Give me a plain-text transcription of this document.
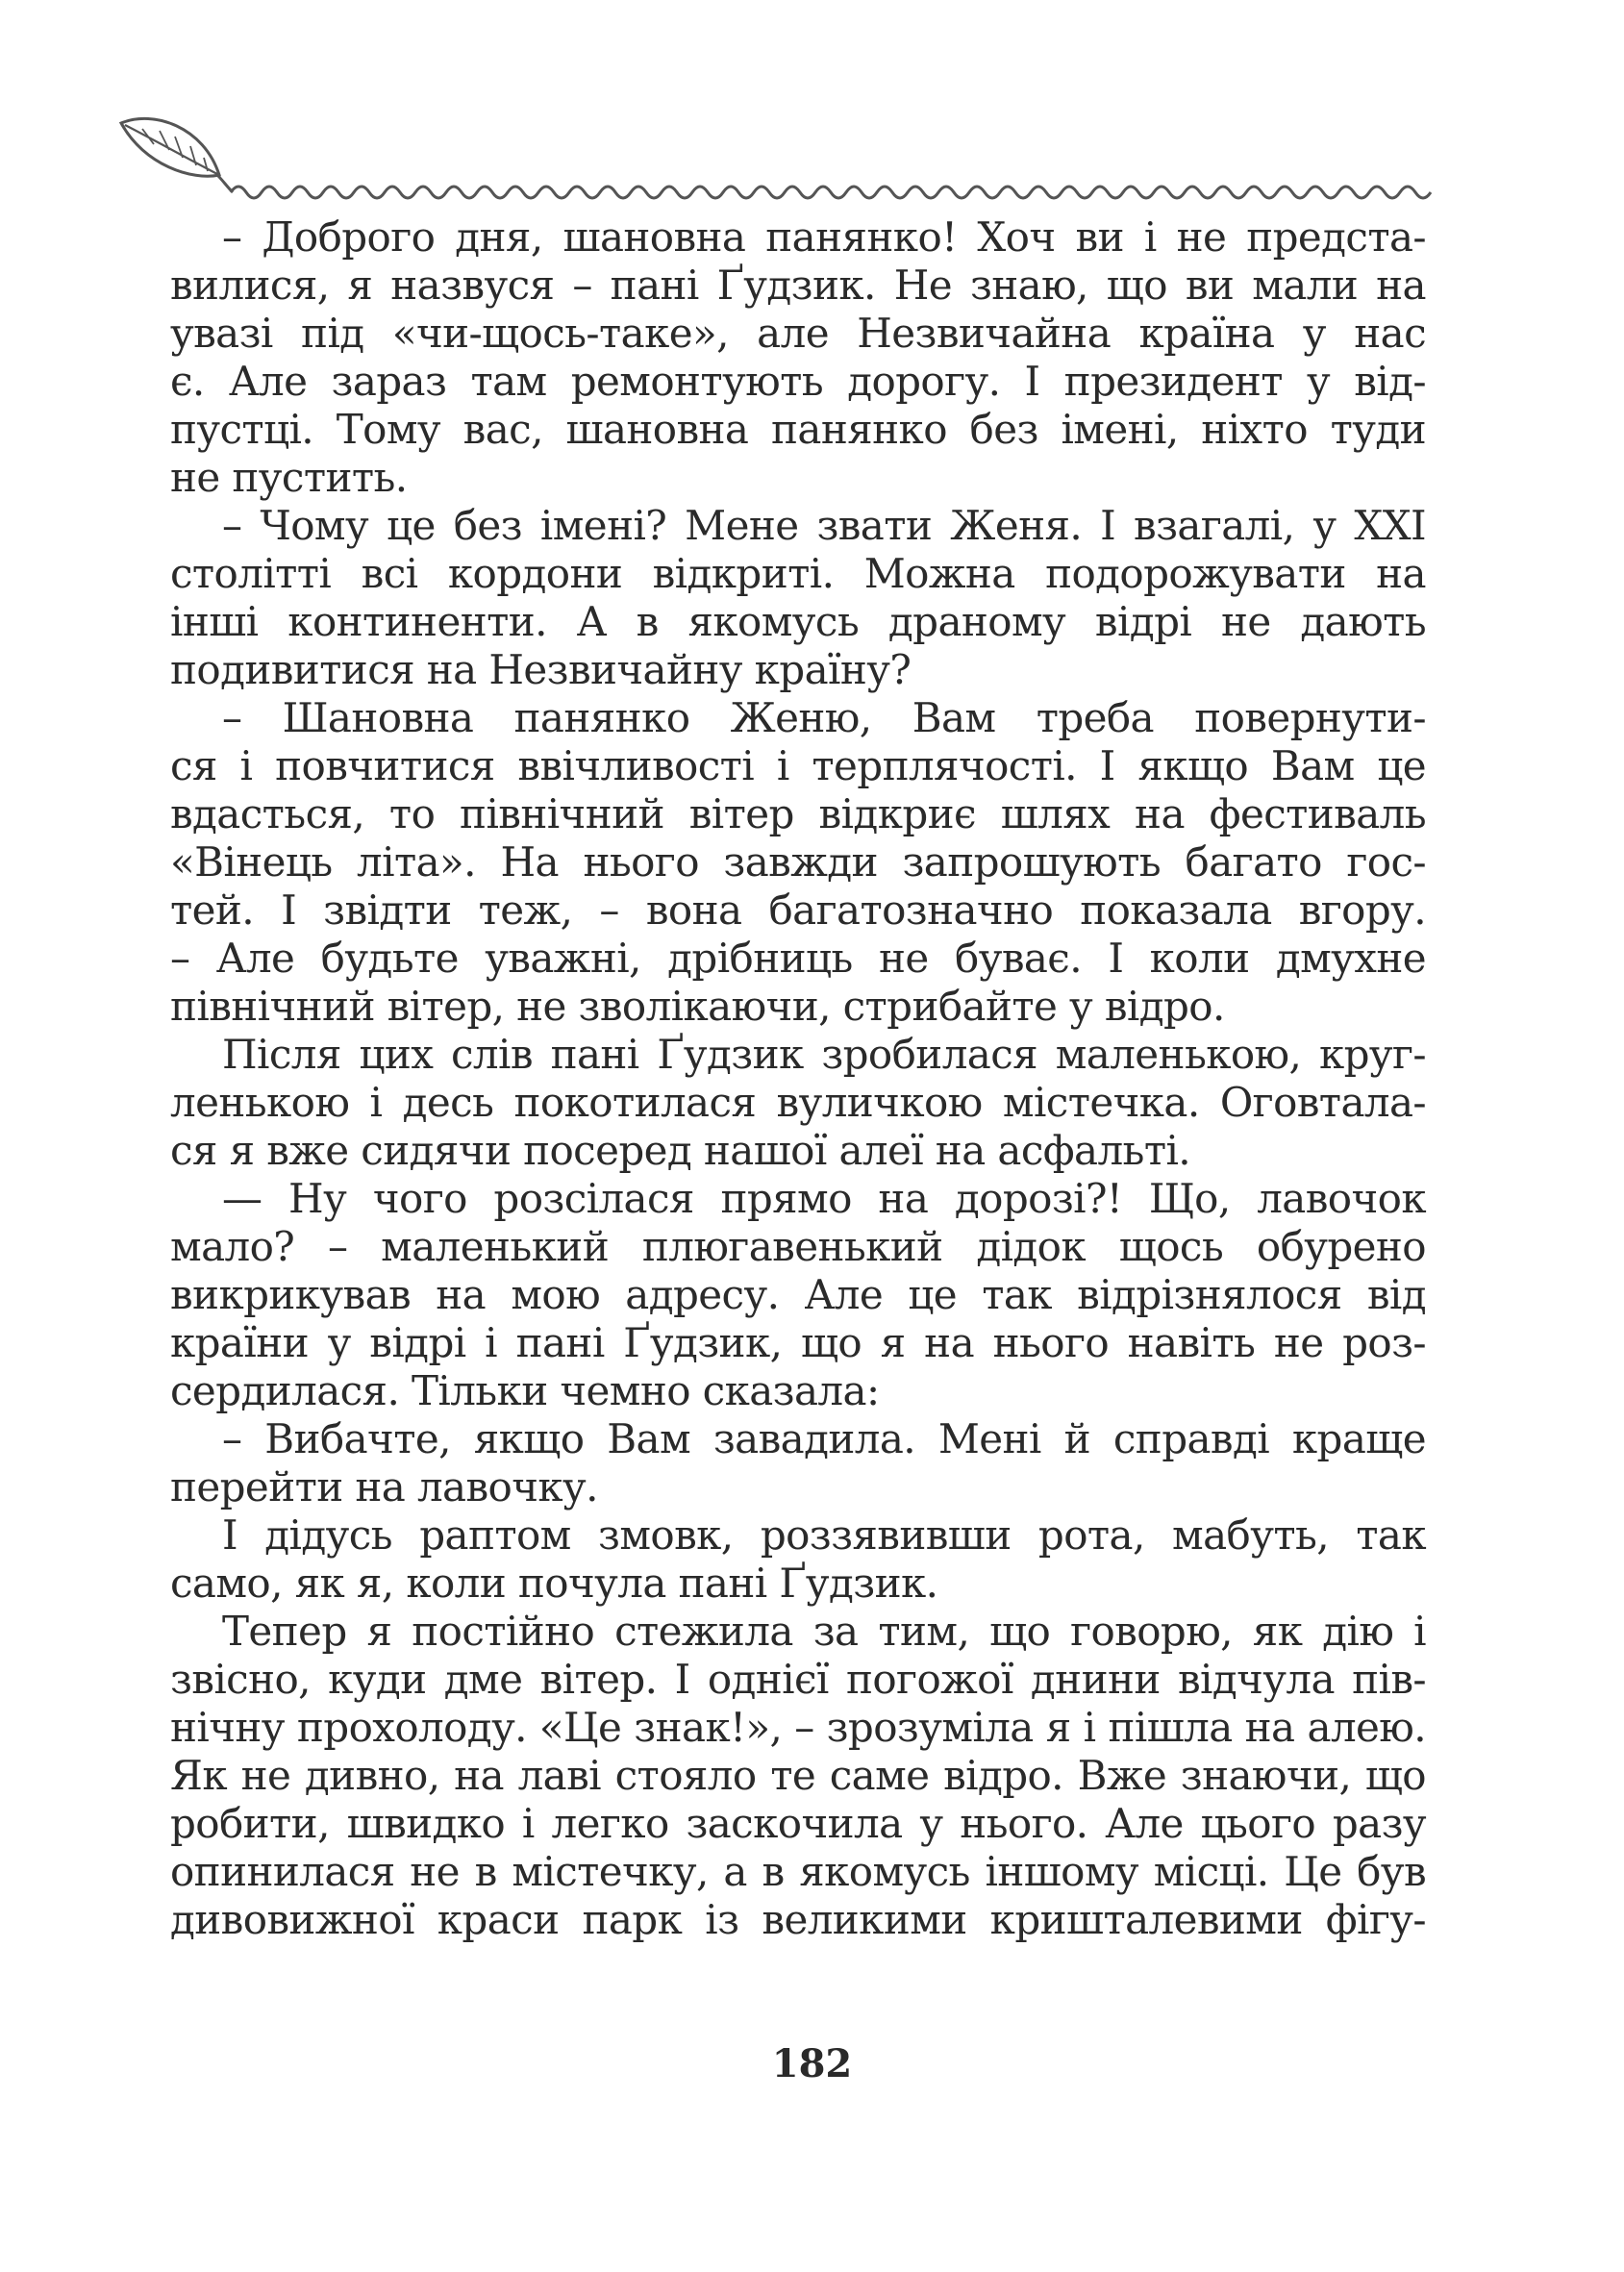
– Доброго дня, шановна панянко! Хоч ви і не предста-
вилися, я назвуся – пані Ґудзик. Не знаю, що ви мали на
увазі під «чи-щось-таке», але Незвичайна країна у нас
є. Але зараз там ремонтують дорогу. І президент у від-
пустці. Тому вас, шановна панянко без імені, ніхто туди
не пустить.
– Чому це без імені? Мене звати Женя. І взагалі, у XXI
столітті всі кордони відкриті. Можна подорожувати на
інші континенти. А в якомусь драному відрі не дають
подивитися на Незвичайну країну?
– Шановна панянко Женю, Вам треба повернути-
ся і повчитися ввічливості і терплячості. І якщо Вам це
вдасться, то північний вітер відкриє шлях на фестиваль
«Вінець літа». На нього завжди запрошують багато гос-
тей. І звідти теж, – вона багатозначно показала вгору.
– Але будьте уважні, дрібниць не буває. І коли дмухне
північний вітер, не зволікаючи, стрибайте у відро.
Після цих слів пані Ґудзик зробилася маленькою, круг-
ленькою і десь покотилася вуличкою містечка. Оговтала-
ся я вже сидячи посеред нашої алеї на асфальті.
— Ну чого розсілася прямо на дорозі?! Що, лавочок
мало? – маленький плюгавенький дідок щось обурено
викрикував на мою адресу. Але це так відрізнялося від
країни у відрі і пані Ґудзик, що я на нього навіть не роз-
сердилася. Тільки чемно сказала:
– Вибачте, якщо Вам завадила. Мені й справді краще
перейти на лавочку.
І дідусь раптом змовк, роззявивши рота, мабуть, так
само, як я, коли почула пані Ґудзик.
Тепер я постійно стежила за тим, що говорю, як дію і
звісно, куди дме вітер. І однієї погожої днини відчула пів-
нічну прохолоду. «Це знак!», – зрозуміла я і пішла на алею.
Як не дивно, на лаві стояло те саме відро. Вже знаючи, що
робити, швидко і легко заскочила у нього. Але цього разу
опинилася не в містечку, а в якомусь іншому місці. Це був
дивовижної краси парк із великими кришталевими фігу-
182
